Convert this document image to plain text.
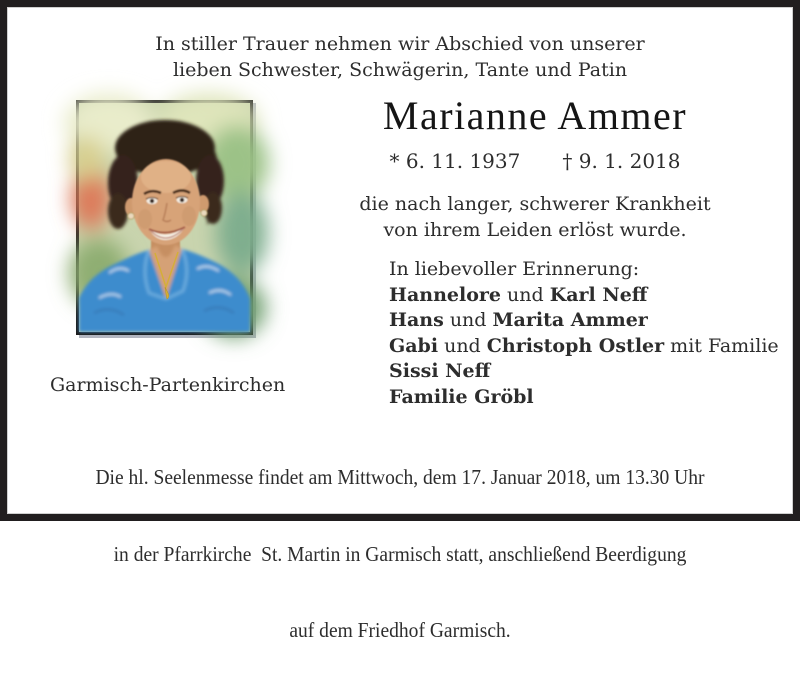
In stiller Trauer nehmen wir Abschied von unserer
lieben Schwester, Schwägerin, Tante und Patin
Marianne Ammer
* 6. 11. 1937 † 9. 1. 2018
die nach langer, schwerer Krankheit
von ihrem Leiden erlöst wurde.
In liebevoller Erinnerung:
Hannelore und Karl Neff
Hans und Marita Ammer
Gabi und Christoph Ostler mit Familie
Sissi Neff
Familie Gröbl
Garmisch-Partenkirchen

Die hl. Seelenmesse findet am Mittwoch, dem 17. Januar 2018, um 13.30 Uhr

in der Pfarrkirche  St. Martin in Garmisch statt, anschließend Beerdigung

auf dem Friedhof Garmisch.
